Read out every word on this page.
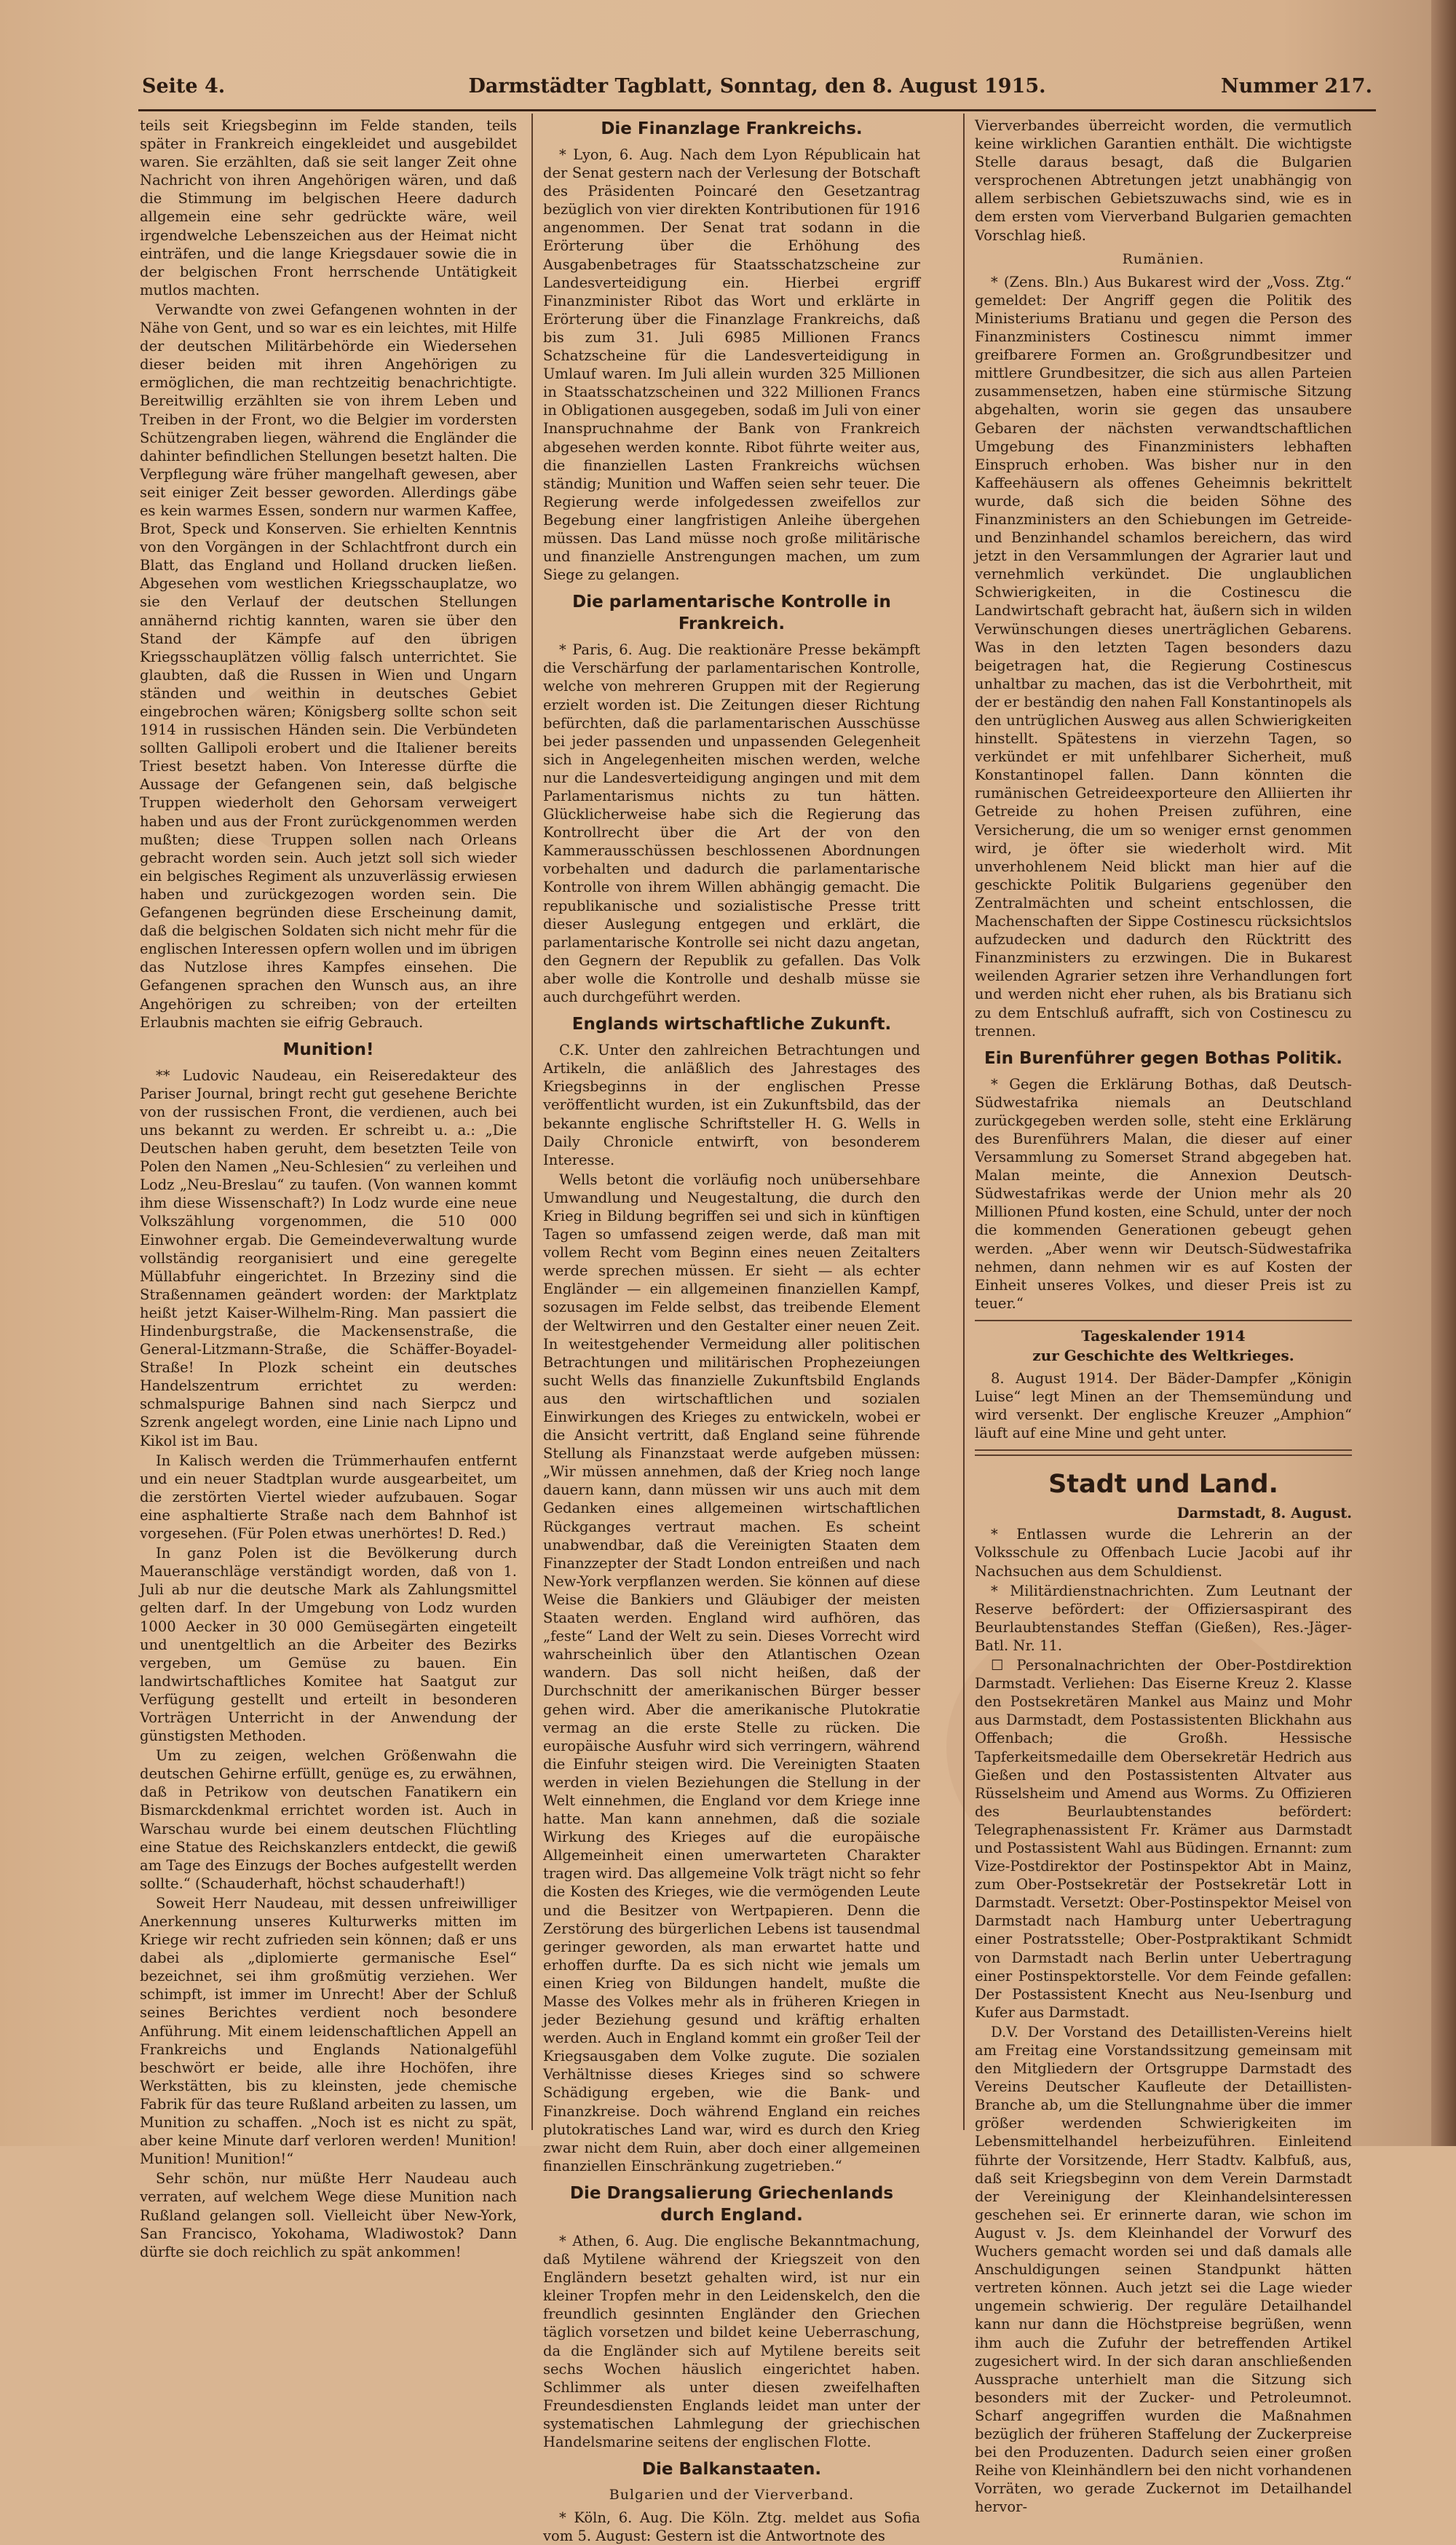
Seite 4.	Darmstädter Tagblatt, Sonntag, den 8. August 1915.	Nummer 217.

teils seit Kriegsbeginn im Felde standen, teils später in Frankreich eingekleidet und ausgebildet waren. Sie erzählten, daß sie seit langer Zeit ohne Nachricht von ihren Angehörigen wären, und daß die Stimmung im belgischen Heere dadurch allgemein eine sehr gedrückte wäre, weil irgendwelche Lebenszeichen aus der Heimat nicht einträfen, und die lange Kriegsdauer sowie die in der belgischen Front herrschende Untätigkeit mutlos machten.

Verwandte von zwei Gefangenen wohnten in der Nähe von Gent, und so war es ein leichtes, mit Hilfe der deutschen Militärbehörde ein Wiedersehen dieser beiden mit ihren Angehörigen zu ermöglichen, die man rechtzeitig benachrichtigte. Bereitwillig erzählten sie von ihrem Leben und Treiben in der Front, wo die Belgier im vordersten Schützengraben liegen, während die Engländer die dahinter befindlichen Stellungen besetzt halten. Die Verpflegung wäre früher mangelhaft gewesen, aber seit einiger Zeit besser geworden. Allerdings gäbe es kein warmes Essen, sondern nur warmen Kaffee, Brot, Speck und Konserven. Sie erhielten Kenntnis von den Vorgängen in der Schlachtfront durch ein Blatt, das England und Holland drucken ließen. Abgesehen vom westlichen Kriegsschauplatze, wo sie den Verlauf der deutschen Stellungen annähernd richtig kannten, waren sie über den Stand der Kämpfe auf den übrigen Kriegsschauplätzen völlig falsch unterrichtet. Sie glaubten, daß die Russen in Wien und Ungarn ständen und weithin in deutsches Gebiet eingebrochen wären; Königsberg sollte schon seit 1914 in russischen Händen sein. Die Verbündeten sollten Gallipoli erobert und die Italiener bereits Triest besetzt haben. Von Interesse dürfte die Aussage der Gefangenen sein, daß belgische Truppen wiederholt den Gehorsam verweigert haben und aus der Front zurückgenommen werden mußten; diese Truppen sollen nach Orleans gebracht worden sein. Auch jetzt soll sich wieder ein belgisches Regiment als unzuverlässig erwiesen haben und zurückgezogen worden sein. Die Gefangenen begründen diese Erscheinung damit, daß die belgischen Soldaten sich nicht mehr für die englischen Interessen opfern wollen und im übrigen das Nutzlose ihres Kampfes einsehen. Die Gefangenen sprachen den Wunsch aus, an ihre Angehörigen zu schreiben; von der erteilten Erlaubnis machten sie eifrig Gebrauch.

Munition!

** Ludovic Naudeau, ein Reiseredakteur des Pariser Journal, bringt recht gut gesehene Berichte von der russischen Front, die verdienen, auch bei uns bekannt zu werden. Er schreibt u. a.: „Die Deutschen haben geruht, dem besetzten Teile von Polen den Namen „Neu-Schlesien“ zu verleihen und Lodz „Neu-Breslau“ zu taufen. (Von wannen kommt ihm diese Wissenschaft?) In Lodz wurde eine neue Volkszählung vorgenommen, die 510 000 Einwohner ergab. Die Gemeindeverwaltung wurde vollständig reorganisiert und eine geregelte Müllabfuhr eingerichtet. In Brzeziny sind die Straßennamen geändert worden: der Marktplatz heißt jetzt Kaiser-Wilhelm-Ring. Man passiert die Hindenburgstraße, die Mackensenstraße, die General-Litzmann-Straße, die Schäffer-Boyadel-Straße! In Plozk scheint ein deutsches Handelszentrum errichtet zu werden: schmalspurige Bahnen sind nach Sierpcz und Szrenk angelegt worden, eine Linie nach Lipno und Kikol ist im Bau.

In Kalisch werden die Trümmerhaufen entfernt und ein neuer Stadtplan wurde ausgearbeitet, um die zerstörten Viertel wieder aufzubauen. Sogar eine asphaltierte Straße nach dem Bahnhof ist vorgesehen. (Für Polen etwas unerhörtes! D. Red.)

In ganz Polen ist die Bevölkerung durch Maueranschläge verständigt worden, daß von 1. Juli ab nur die deutsche Mark als Zahlungsmittel gelten darf. In der Umgebung von Lodz wurden 1000 Aecker in 30 000 Gemüsegärten eingeteilt und unentgeltlich an die Arbeiter des Bezirks vergeben, um Gemüse zu bauen. Ein landwirtschaftliches Komitee hat Saatgut zur Verfügung gestellt und erteilt in besonderen Vorträgen Unterricht in der Anwendung der günstigsten Methoden.

Um zu zeigen, welchen Größenwahn die deutschen Gehirne erfüllt, genüge es, zu erwähnen, daß in Petrikow von deutschen Fanatikern ein Bismarckdenkmal errichtet worden ist. Auch in Warschau wurde bei einem deutschen Flüchtling eine Statue des Reichskanzlers entdeckt, die gewiß am Tage des Einzugs der Boches aufgestellt werden sollte.“ (Schauderhaft, höchst schauderhaft!)

Soweit Herr Naudeau, mit dessen unfreiwilliger Anerkennung unseres Kulturwerks mitten im Kriege wir recht zufrieden sein können; daß er uns dabei als „diplomierte germanische Esel“ bezeichnet, sei ihm großmütig verziehen. Wer schimpft, ist immer im Unrecht! Aber der Schluß seines Berichtes verdient noch besondere Anführung. Mit einem leidenschaftlichen Appell an Frankreichs und Englands Nationalgefühl beschwört er beide, alle ihre Hochöfen, ihre Werkstätten, bis zu kleinsten, jede chemische Fabrik für das teure Rußland arbeiten zu lassen, um Munition zu schaffen. „Noch ist es nicht zu spät, aber keine Minute darf verloren werden! Munition! Munition! Munition!“

Sehr schön, nur müßte Herr Naudeau auch verraten, auf welchem Wege diese Munition nach Rußland gelangen soll. Vielleicht über New-York, San Francisco, Yokohama, Wladiwostok? Dann dürfte sie doch reichlich zu spät ankommen!

Die Finanzlage Frankreichs.

* Lyon, 6. Aug. Nach dem Lyon Républicain hat der Senat gestern nach der Verlesung der Botschaft des Präsidenten Poincaré den Gesetzantrag bezüglich von vier direkten Kontributionen für 1916 angenommen. Der Senat trat sodann in die Erörterung über die Erhöhung des Ausgabenbetrages für Staatsschatzscheine zur Landesverteidigung ein. Hierbei ergriff Finanzminister Ribot das Wort und erklärte in Erörterung über die Finanzlage Frankreichs, daß bis zum 31. Juli 6985 Millionen Francs Schatzscheine für die Landesverteidigung in Umlauf waren. Im Juli allein wurden 325 Millionen in Staatsschatzscheinen und 322 Millionen Francs in Obligationen ausgegeben, sodaß im Juli von einer Inanspruchnahme der Bank von Frankreich abgesehen werden konnte. Ribot führte weiter aus, die finanziellen Lasten Frankreichs wüchsen ständig; Munition und Waffen seien sehr teuer. Die Regierung werde infolgedessen zweifellos zur Begebung einer langfristigen Anleihe übergehen müssen. Das Land müsse noch große militärische und finanzielle Anstrengungen machen, um zum Siege zu gelangen.

Die parlamentarische Kontrolle in Frankreich.

* Paris, 6. Aug. Die reaktionäre Presse bekämpft die Verschärfung der parlamentarischen Kontrolle, welche von mehreren Gruppen mit der Regierung erzielt worden ist. Die Zeitungen dieser Richtung befürchten, daß die parlamentarischen Ausschüsse bei jeder passenden und unpassenden Gelegenheit sich in Angelegenheiten mischen werden, welche nur die Landesverteidigung angingen und mit dem Parlamentarismus nichts zu tun hätten. Glücklicherweise habe sich die Regierung das Kontrollrecht über die Art der von den Kammerausschüssen beschlossenen Abordnungen vorbehalten und dadurch die parlamentarische Kontrolle von ihrem Willen abhängig gemacht. Die republikanische und sozialistische Presse tritt dieser Auslegung entgegen und erklärt, die parlamentarische Kontrolle sei nicht dazu angetan, den Gegnern der Republik zu gefallen. Das Volk aber wolle die Kontrolle und deshalb müsse sie auch durchgeführt werden.

Englands wirtschaftliche Zukunft.

C.K. Unter den zahlreichen Betrachtungen und Artikeln, die anläßlich des Jahrestages des Kriegsbeginns in der englischen Presse veröffentlicht wurden, ist ein Zukunftsbild, das der bekannte englische Schriftsteller H. G. Wells in Daily Chronicle entwirft, von besonderem Interesse.

Wells betont die vorläufig noch unübersehbare Umwandlung und Neugestaltung, die durch den Krieg in Bildung begriffen sei und sich in künftigen Tagen so umfassend zeigen werde, daß man mit vollem Recht vom Beginn eines neuen Zeitalters werde sprechen müssen. Er sieht — als echter Engländer — ein allgemeinen finanziellen Kampf, sozusagen im Felde selbst, das treibende Element der Weltwirren und den Gestalter einer neuen Zeit. In weitestgehender Vermeidung aller politischen Betrachtungen und militärischen Prophezeiungen sucht Wells das finanzielle Zukunftsbild Englands aus den wirtschaftlichen und sozialen Einwirkungen des Krieges zu entwickeln, wobei er die Ansicht vertritt, daß England seine führende Stellung als Finanzstaat werde aufgeben müssen: „Wir müssen annehmen, daß der Krieg noch lange dauern kann, dann müssen wir uns auch mit dem Gedanken eines allgemeinen wirtschaftlichen Rückganges vertraut machen. Es scheint unabwendbar, daß die Vereinigten Staaten dem Finanzzepter der Stadt London entreißen und nach New-York verpflanzen werden. Sie können auf diese Weise die Bankiers und Gläubiger der meisten Staaten werden. England wird aufhören, das „feste“ Land der Welt zu sein. Dieses Vorrecht wird wahrscheinlich über den Atlantischen Ozean wandern. Das soll nicht heißen, daß der Durchschnitt der amerikanischen Bürger besser gehen wird. Aber die amerikanische Plutokratie vermag an die erste Stelle zu rücken. Die europäische Ausfuhr wird sich verringern, während die Einfuhr steigen wird. Die Vereinigten Staaten werden in vielen Beziehungen die Stellung in der Welt einnehmen, die England vor dem Kriege inne hatte. Man kann annehmen, daß die soziale Wirkung des Krieges auf die europäische Allgemeinheit einen umerwarteten Charakter tragen wird. Das allgemeine Volk trägt nicht so fehr die Kosten des Krieges, wie die vermögenden Leute und die Besitzer von Wertpapieren. Denn die Zerstörung des bürgerlichen Lebens ist tausendmal geringer geworden, als man erwartet hatte und erhoffen durfte. Da es sich nicht wie jemals um einen Krieg von Bildungen handelt, mußte die Masse des Volkes mehr als in früheren Kriegen in jeder Beziehung gesund und kräftig erhalten werden. Auch in England kommt ein großer Teil der Kriegsausgaben dem Volke zugute. Die sozialen Verhältnisse dieses Krieges sind so schwere Schädigung ergeben, wie die Bank- und Finanzkreise. Doch während England ein reiches plutokratisches Land war, wird es durch den Krieg zwar nicht dem Ruin, aber doch einer allgemeinen finanziellen Einschränkung zugetrieben.“

Die Drangsalierung Griechenlands durch England.

* Athen, 6. Aug. Die englische Bekanntmachung, daß Mytilene während der Kriegszeit von den Engländern besetzt gehalten wird, ist nur ein kleiner Tropfen mehr in den Leidenskelch, den die freundlich gesinnten Engländer den Griechen täglich vorsetzen und bildet keine Ueberraschung, da die Engländer sich auf Mytilene bereits seit sechs Wochen häuslich eingerichtet haben. Schlimmer als unter diesen zweifelhaften Freundesdiensten Englands leidet man unter der systematischen Lahmlegung der griechischen Handelsmarine seitens der englischen Flotte.

Die Balkanstaaten.
Bulgarien und der Vierverband.

* Köln, 6. Aug. Die Köln. Ztg. meldet aus Sofia vom 5. August: Gestern ist die Antwortnote des

Vierverbandes überreicht worden, die vermutlich keine wirklichen Garantien enthält. Die wichtigste Stelle daraus besagt, daß die Bulgarien versprochenen Abtretungen jetzt unabhängig von allem serbischen Gebietszuwachs sind, wie es in dem ersten vom Vierverband Bulgarien gemachten Vorschlag hieß.

Rumänien.

* (Zens. Bln.) Aus Bukarest wird der „Voss. Ztg.“ gemeldet: Der Angriff gegen die Politik des Ministeriums Bratianu und gegen die Person des Finanzministers Costinescu nimmt immer greifbarere Formen an. Großgrundbesitzer und mittlere Grundbesitzer, die sich aus allen Parteien zusammensetzen, haben eine stürmische Sitzung abgehalten, worin sie gegen das unsaubere Gebaren der nächsten verwandtschaftlichen Umgebung des Finanzministers lebhaften Einspruch erhoben. Was bisher nur in den Kaffeehäusern als offenes Geheimnis bekrittelt wurde, daß sich die beiden Söhne des Finanzministers an den Schiebungen im Getreide- und Benzinhandel schamlos bereichern, das wird jetzt in den Versammlungen der Agrarier laut und vernehmlich verkündet. Die unglaublichen Schwierigkeiten, in die Costinescu die Landwirtschaft gebracht hat, äußern sich in wilden Verwünschungen dieses unerträglichen Gebarens. Was in den letzten Tagen besonders dazu beigetragen hat, die Regierung Costinescus unhaltbar zu machen, das ist die Verbohrtheit, mit der er beständig den nahen Fall Konstantinopels als den untrüglichen Ausweg aus allen Schwierigkeiten hinstellt. Spätestens in vierzehn Tagen, so verkündet er mit unfehlbarer Sicherheit, muß Konstantinopel fallen. Dann könnten die rumänischen Getreideexporteure den Alliierten ihr Getreide zu hohen Preisen zuführen, eine Versicherung, die um so weniger ernst genommen wird, je öfter sie wiederholt wird. Mit unverhohlenem Neid blickt man hier auf die geschickte Politik Bulgariens gegenüber den Zentralmächten und scheint entschlossen, die Machenschaften der Sippe Costinescu rücksichtslos aufzudecken und dadurch den Rücktritt des Finanzministers zu erzwingen. Die in Bukarest weilenden Agrarier setzen ihre Verhandlungen fort und werden nicht eher ruhen, als bis Bratianu sich zu dem Entschluß aufrafft, sich von Costinescu zu trennen.

Ein Burenführer gegen Bothas Politik.

* Gegen die Erklärung Bothas, daß Deutsch-Südwestafrika niemals an Deutschland zurückgegeben werden solle, steht eine Erklärung des Burenführers Malan, die dieser auf einer Versammlung zu Somerset Strand abgegeben hat. Malan meinte, die Annexion Deutsch-Südwestafrikas werde der Union mehr als 20 Millionen Pfund kosten, eine Schuld, unter der noch die kommenden Generationen gebeugt gehen werden. „Aber wenn wir Deutsch-Südwestafrika nehmen, dann nehmen wir es auf Kosten der Einheit unseres Volkes, und dieser Preis ist zu teuer.“

Tageskalender 1914
zur Geschichte des Weltkrieges.

8. August 1914. Der Bäder-Dampfer „Königin Luise“ legt Minen an der Themsemündung und wird versenkt. Der englische Kreuzer „Amphion“ läuft auf eine Mine und geht unter.

Stadt und Land.
Darmstadt, 8. August.

* Entlassen wurde die Lehrerin an der Volksschule zu Offenbach Lucie Jacobi auf ihr Nachsuchen aus dem Schuldienst.

* Militärdienstnachrichten. Zum Leutnant der Reserve befördert: der Offiziersaspirant des Beurlaubtenstandes Steffan (Gießen), Res.-Jäger-Batl. Nr. 11.

☐ Personalnachrichten der Ober-Postdirektion Darmstadt. Verliehen: Das Eiserne Kreuz 2. Klasse den Postsekretären Mankel aus Mainz und Mohr aus Darmstadt, dem Postassistenten Blickhahn aus Offenbach; die Großh. Hessische Tapferkeitsmedaille dem Obersekretär Hedrich aus Gießen und den Postassistenten Altvater aus Rüsselsheim und Amend aus Worms. Zu Offizieren des Beurlaubtenstandes befördert: Telegraphenassistent Fr. Krämer aus Darmstadt und Postassistent Wahl aus Büdingen. Ernannt: zum Vize-Postdirektor der Postinspektor Abt in Mainz, zum Ober-Postsekretär der Postsekretär Lott in Darmstadt. Versetzt: Ober-Postinspektor Meisel von Darmstadt nach Hamburg unter Uebertragung einer Postratsstelle; Ober-Postpraktikant Schmidt von Darmstadt nach Berlin unter Uebertragung einer Postinspektorstelle. Vor dem Feinde gefallen: Der Postassistent Knecht aus Neu-Isenburg und Kufer aus Darmstadt.

D.V. Der Vorstand des Detaillisten-Vereins hielt am Freitag eine Vorstandssitzung gemeinsam mit den Mitgliedern der Ortsgruppe Darmstadt des Vereins Deutscher Kaufleute der Detaillisten-Branche ab, um die Stellungnahme über die immer größer werdenden Schwierigkeiten im Lebensmittelhandel herbeizuführen. Einleitend führte der Vorsitzende, Herr Stadtv. Kalbfuß, aus, daß seit Kriegsbeginn von dem Verein Darmstadt der Vereinigung der Kleinhandelsinteressen geschehen sei. Er erinnerte daran, wie schon im August v. Js. dem Kleinhandel der Vorwurf des Wuchers gemacht worden sei und daß damals alle Anschuldigungen seinen Standpunkt hätten vertreten können. Auch jetzt sei die Lage wieder ungemein schwierig. Der reguläre Detailhandel kann nur dann die Höchstpreise begrüßen, wenn ihm auch die Zufuhr der betreffenden Artikel zugesichert wird. In der sich daran anschließenden Aussprache unterhielt man die Sitzung sich besonders mit der Zucker- und Petroleumnot. Scharf angegriffen wurden die Maßnahmen bezüglich der früheren Staffelung der Zuckerpreise bei den Produzenten. Dadurch seien einer großen Reihe von Kleinhändlern bei den nicht vorhandenen Vorräten, wo gerade Zuckernot im Detailhandel hervor-
